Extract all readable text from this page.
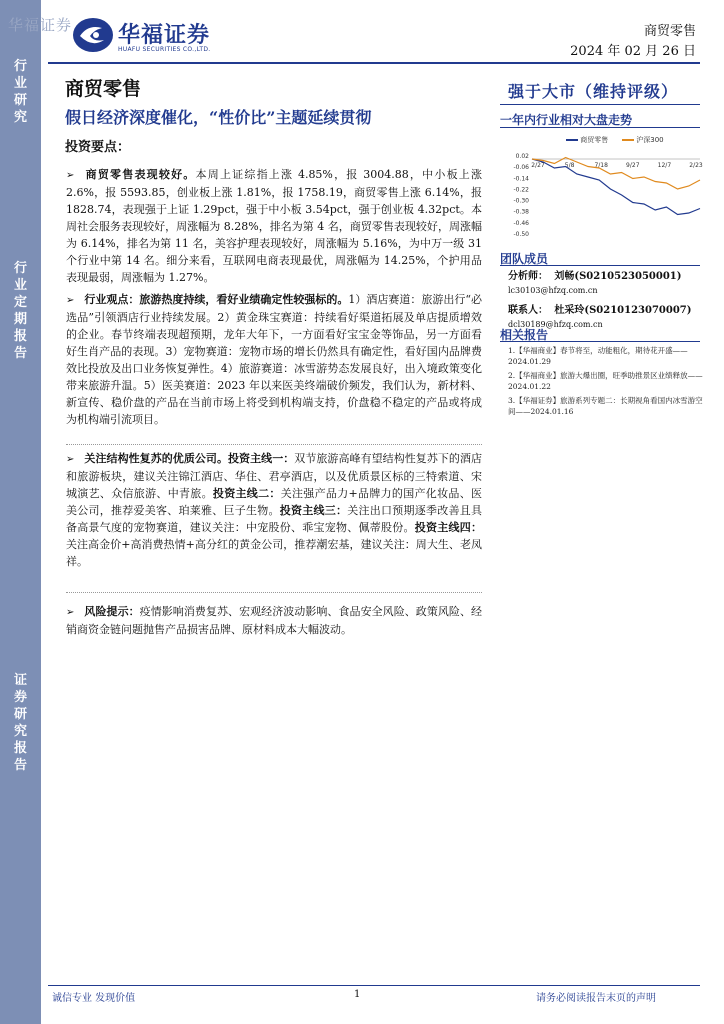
行
业
研
究
行
业
定
期
报
告
证
券
研
究
报
告
华福证券 华福证券
HUAFU SECURITIES CO.,LTD.
商贸零售
2024 年 02 月 26 日
商贸零售
假日经济深度催化，“性价比”主题延续贯彻
强于大市（维持评级）
一年内行业相对大盘走势
商贸零售	沪深300
0.02
-0.06
-0.14
-0.22
-0.30
-0.38
-0.46
-0.50
2/27	5/8	7/18	9/27	12/7	2/23
投资要点：
➢ 商贸零售表现较好。本周上证综指上涨 4.85%，报 3004.88，中小板上涨 2.6%，报 5593.85，创业板上涨 1.81%，报 1758.19，商贸零售上涨 6.14%，报 1828.74，表现强于上证 1.29pct，强于中小板 3.54pct，强于创业板 4.32pct。本周社会服务表现较好，周涨幅为 8.28%，排名为第 4 名，商贸零售表现较好，周涨幅为 6.14%，排名为第 11 名，美容护理表现较好，周涨幅为 5.16%，为中万一级 31 个行业中第 14 名。细分来看，互联网电商表现最优，周涨幅为 14.25%，个护用品表现最弱，周涨幅为 1.27%。
➢ 行业观点：旅游热度持续，看好业绩确定性较强标的。1）酒店赛道：旅游出行“必选品”引领酒店行业持续发展。2）黄金珠宝赛道：持续看好渠道拓展及单店提质增效的企业。春节终端表现超预期，龙年大年下，一方面看好宝宝金等饰品，另一方面看好生肖产品的表现。3）宠物赛道：宠物市场的增长仍然具有确定性，看好国内品牌费效比投放及出口业务恢复弹性。4）旅游赛道：冰雪游势态发展良好，出入境政策变化带来旅游升温。5）医美赛道：2023 年以来医美终端破价频发，我们认为，新材料、新宣传、稳价盘的产品在当前市场上将受到机构端支持，价盘稳不稳定的产品或将成为机构端引流项目。
➢ 关注结构性复苏的优质公司。投资主线一：双节旅游高峰有望结构性复苏下的酒店和旅游板块，建议关注锦江酒店、华住、君亭酒店，以及优质景区标的三特索道、宋城演艺、众信旅游、中青旅。投资主线二：关注强产品力+品牌力的国产化妆品、医美公司，推荐爱美客、珀莱雅、巨子生物。投资主线三：关注出口预期逐季改善且具备高景气度的宠物赛道，建议关注：中宠股份、乖宝宠物、佩蒂股份。投资主线四：关注高金价+高消费热情+高分红的黄金公司，推荐潮宏基，建议关注：周大生、老凤祥。
➢ 风险提示：疫情影响消费复苏、宏观经济波动影响、食品安全风险、政策风险、经销商资金链问题抛售产品损害品牌、原材料成本大幅波动。
团队成员
分析师： 刘畅(S0210523050001)
lc30103@hfzq.com.cn
联系人： 杜采玲(S0210123070007)
dcl30189@hfzq.com.cn
相关报告
1.【华福商业】春节将至，动能粗化，期待花开盛——2024.01.29
2.【华福商业】旅游大爆出圈，旺季助推景区业绩释放——2024.01.22
3.【华福证券】旅游系列专题二：长期视角看国内冰雪游空间——2024.01.16
诚信专业 发现价值	1	请务必阅读报告末页的声明
